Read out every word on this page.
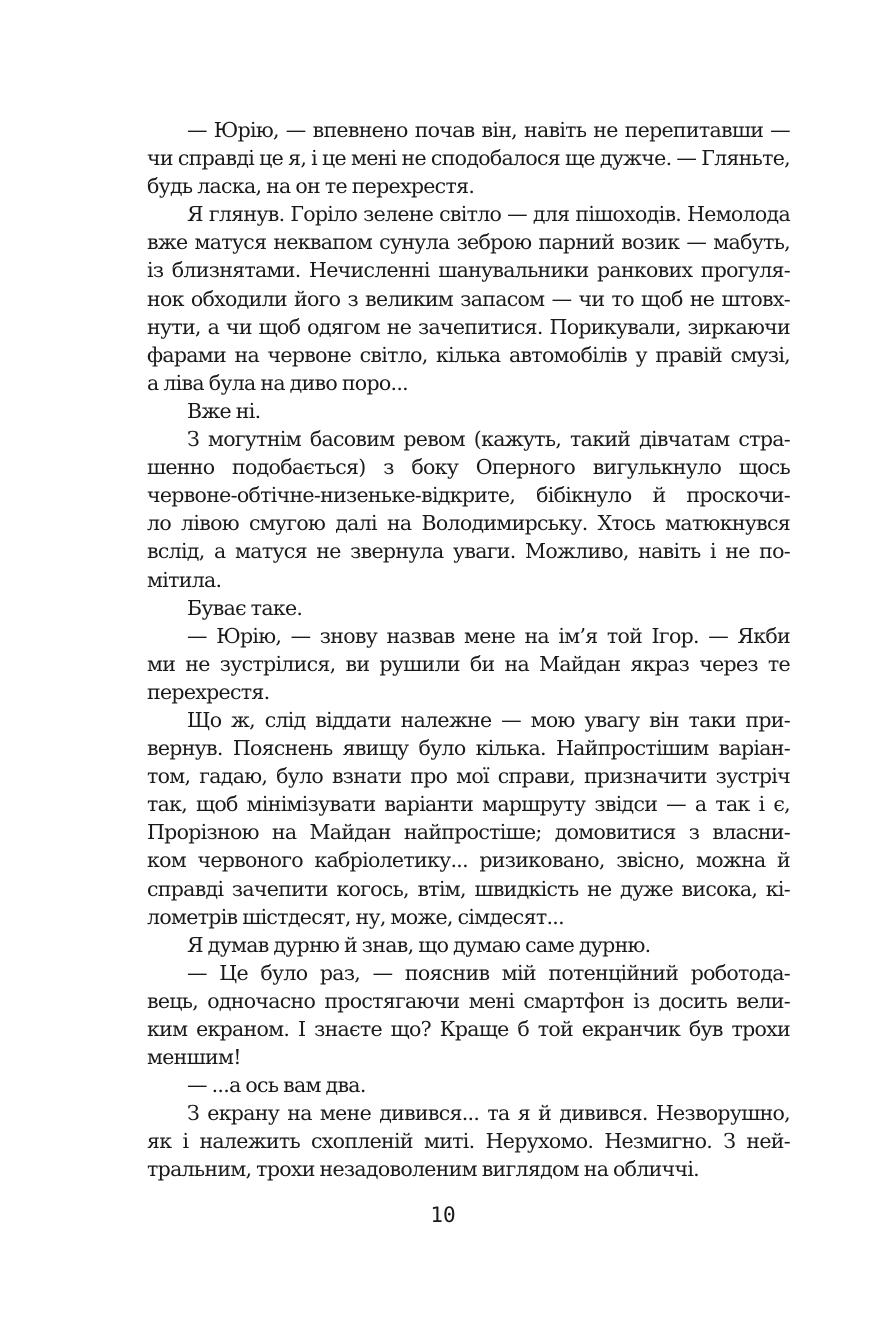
— Юрію, — впевнено почав він, навіть не перепитавши —
чи справді це я, і це мені не сподобалося ще дужче. — Гляньте,
будь ласка, на он те перехрестя.
Я глянув. Горіло зелене світло — для пішоходів. Немолода
вже матуся неквапом сунула зеброю парний возик — мабуть,
із близнятами. Нечисленні шанувальники ранкових прогуля-
нок обходили його з великим запасом — чи то щоб не штовх-
нути, а чи щоб одягом не зачепитися. Порикували, зиркаючи
фарами на червоне світло, кілька автомобілів у правій смузі,
а ліва була на диво поро...
Вже ні.
З могутнім басовим ревом (кажуть, такий дівчатам стра-
шенно подобається) з боку Оперного вигулькнуло щось
червоне-обтічне-низеньке-відкрите, бібікнуло й проскочи-
ло лівою смугою далі на Володимирську. Хтось матюкнувся
вслід, а матуся не звернула уваги. Можливо, навіть і не по-
мітила.
Буває таке.
— Юрію, — знову назвав мене на ім’я той Ігор. — Якби
ми не зустрілися, ви рушили би на Майдан якраз через те
перехрестя.
Що ж, слід віддати належне — мою увагу він таки при-
вернув. Пояснень явищу було кілька. Найпростішим варіан-
том, гадаю, було взнати про мої справи, призначити зустріч
так, щоб мінімізувати варіанти маршруту звідси — а так і є,
Прорізною на Майдан найпростіше; домовитися з власни-
ком червоного кабріолетику... ризиковано, звісно, можна й
справді зачепити когось, втім, швидкість не дуже висока, кі-
лометрів шістдесят, ну, може, сімдесят...
Я думав дурню й знав, що думаю саме дурню.
— Це було раз, — пояснив мій потенційний роботода-
вець, одночасно простягаючи мені смартфон із досить вели-
ким екраном. І знаєте що? Краще б той екранчик був трохи
меншим!
— ...а ось вам два.
З екрану на мене дивився... та я й дивився. Незворушно,
як і належить схопленій миті. Нерухомо. Незмигно. З ней-
тральним, трохи незадоволеним виглядом на обличчі.
10
